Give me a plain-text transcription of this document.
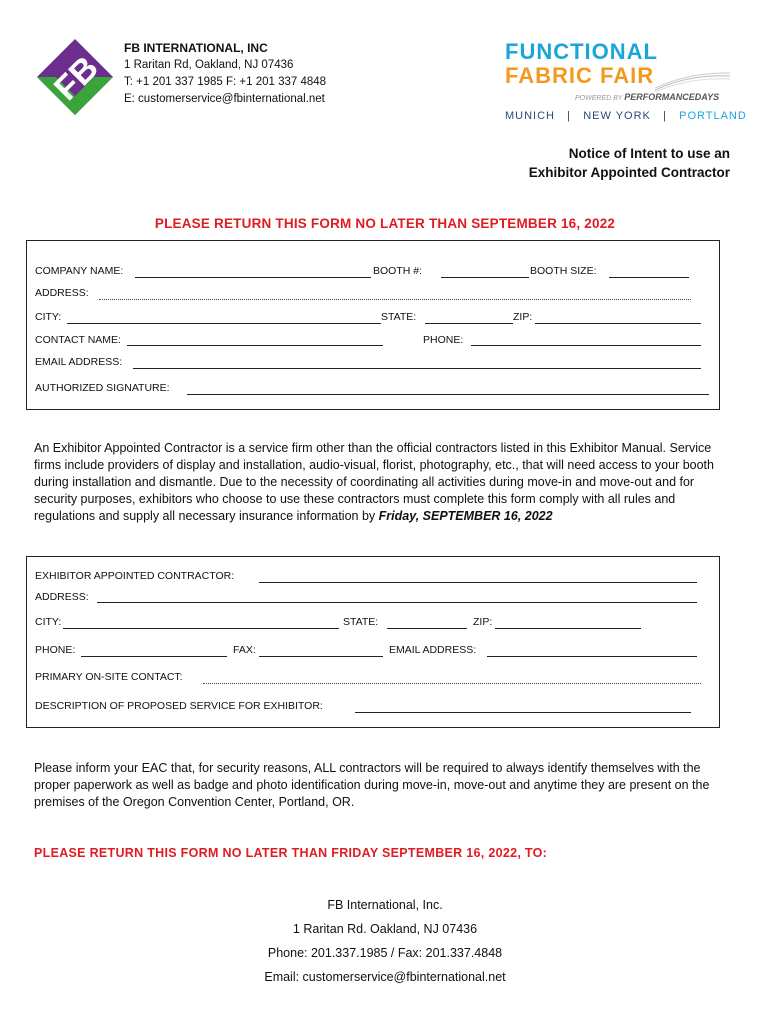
FB
FB INTERNATIONAL, INC
1 Raritan Rd, Oakland, NJ 07436
T: +1 201 337 1985 F: +1 201 337 4848
E: customerservice@fbinternational.net
FUNCTIONAL
FABRIC FAIR
POWERED BY PERFORMANCEDAYS
MUNICH | NEW YORK | PORTLAND
Notice of Intent to use an
Exhibitor Appointed Contractor
PLEASE RETURN THIS FORM NO LATER THAN SEPTEMBER 16, 2022
COMPANY NAME:	BOOTH #:	BOOTH SIZE:
ADDRESS:
CITY:	STATE:	ZIP:
CONTACT NAME:	PHONE:
EMAIL ADDRESS:
AUTHORIZED SIGNATURE:
An Exhibitor Appointed Contractor is a service firm other than the official contractors listed in this Exhibitor Manual. Service firms include providers of display and installation, audio-visual, florist, photography, etc., that will need access to your booth during installation and dismantle. Due to the necessity of coordinating all activities during move-in and move-out and for security purposes, exhibitors who choose to use these contractors must complete this form comply with all rules and regulations and supply all necessary insurance information by Friday, SEPTEMBER 16, 2022
EXHIBITOR APPOINTED CONTRACTOR:
ADDRESS:
CITY:	STATE:	ZIP:
PHONE:	FAX:	EMAIL ADDRESS:
PRIMARY ON-SITE CONTACT:
DESCRIPTION OF PROPOSED SERVICE FOR EXHIBITOR:
Please inform your EAC that, for security reasons, ALL contractors will be required to always identify themselves with the proper paperwork as well as badge and photo identification during move-in, move-out and anytime they are present on the premises of the Oregon Convention Center, Portland, OR.
PLEASE RETURN THIS FORM NO LATER THAN FRIDAY SEPTEMBER 16, 2022, TO:
FB International, Inc.
1 Raritan Rd. Oakland, NJ 07436
Phone: 201.337.1985 / Fax: 201.337.4848
Email: customerservice@fbinternational.net
